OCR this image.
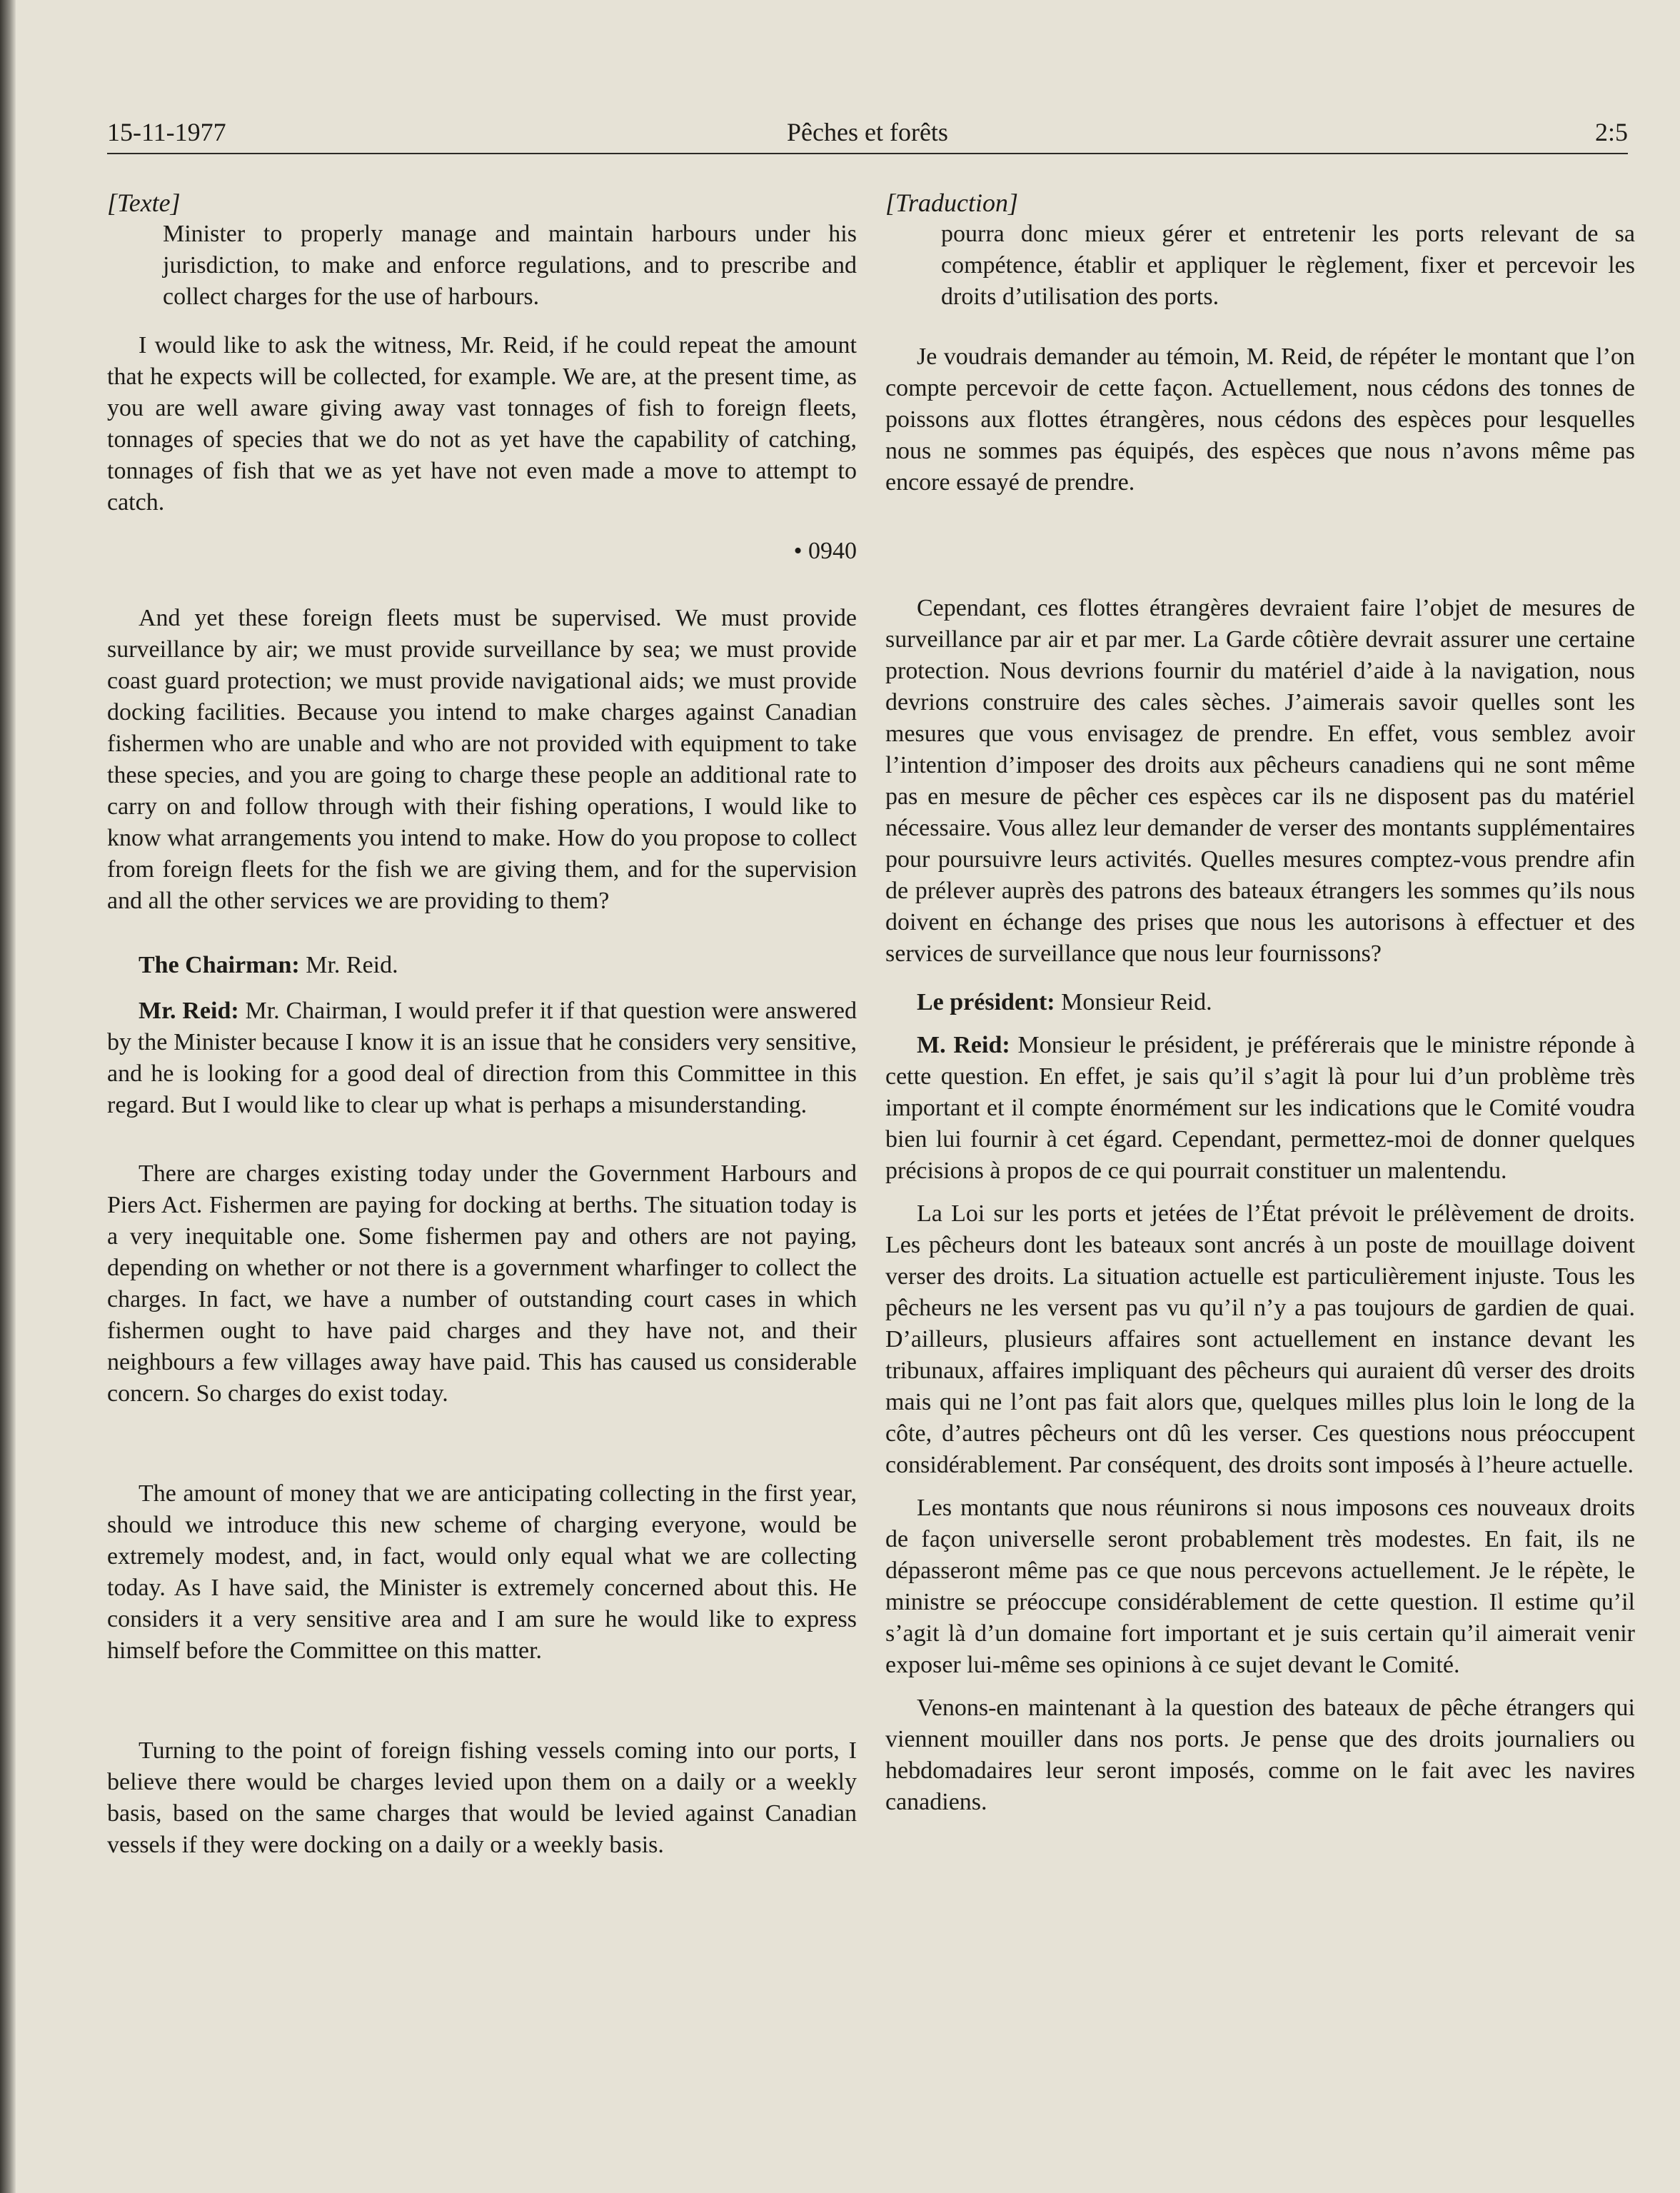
15-11-1977	Pêches et forêts	2:5

[Texte]

Minister to properly manage and maintain harbours under his jurisdiction, to make and enforce regulations, and to prescribe and collect charges for the use of harbours.

I would like to ask the witness, Mr. Reid, if he could repeat the amount that he expects will be collected, for example. We are, at the present time, as you are well aware giving away vast tonnages of fish to foreign fleets, tonnages of species that we do not as yet have the capability of catching, tonnages of fish that we as yet have not even made a move to attempt to catch.

• 0940

And yet these foreign fleets must be supervised. We must provide surveillance by air; we must provide surveillance by sea; we must provide coast guard protection; we must provide navigational aids; we must provide docking facilities. Because you intend to make charges against Canadian fishermen who are unable and who are not provided with equipment to take these species, and you are going to charge these people an additional rate to carry on and follow through with their fishing operations, I would like to know what arrangements you intend to make. How do you propose to collect from foreign fleets for the fish we are giving them, and for the supervision and all the other services we are providing to them?

The Chairman: Mr. Reid.

Mr. Reid: Mr. Chairman, I would prefer it if that question were answered by the Minister because I know it is an issue that he considers very sensitive, and he is looking for a good deal of direction from this Committee in this regard. But I would like to clear up what is perhaps a misunderstanding.

There are charges existing today under the Government Harbours and Piers Act. Fishermen are paying for docking at berths. The situation today is a very inequitable one. Some fishermen pay and others are not paying, depending on whether or not there is a government wharfinger to collect the charges. In fact, we have a number of outstanding court cases in which fishermen ought to have paid charges and they have not, and their neighbours a few villages away have paid. This has caused us considerable concern. So charges do exist today.

The amount of money that we are anticipating collecting in the first year, should we introduce this new scheme of charging everyone, would be extremely modest, and, in fact, would only equal what we are collecting today. As I have said, the Minister is extremely concerned about this. He considers it a very sensitive area and I am sure he would like to express himself before the Committee on this matter.

Turning to the point of foreign fishing vessels coming into our ports, I believe there would be charges levied upon them on a daily or a weekly basis, based on the same charges that would be levied against Canadian vessels if they were docking on a daily or a weekly basis.

[Traduction]

pourra donc mieux gérer et entretenir les ports relevant de sa compétence, établir et appliquer le règlement, fixer et percevoir les droits d’utilisation des ports.

Je voudrais demander au témoin, M. Reid, de répéter le montant que l’on compte percevoir de cette façon. Actuellement, nous cédons des tonnes de poissons aux flottes étrangères, nous cédons des espèces pour lesquelles nous ne sommes pas équipés, des espèces que nous n’avons même pas encore essayé de prendre.

Cependant, ces flottes étrangères devraient faire l’objet de mesures de surveillance par air et par mer. La Garde côtière devrait assurer une certaine protection. Nous devrions fournir du matériel d’aide à la navigation, nous devrions construire des cales sèches. J’aimerais savoir quelles sont les mesures que vous envisagez de prendre. En effet, vous semblez avoir l’intention d’imposer des droits aux pêcheurs canadiens qui ne sont même pas en mesure de pêcher ces espèces car ils ne disposent pas du matériel nécessaire. Vous allez leur demander de verser des montants supplémentaires pour poursuivre leurs activités. Quelles mesures comptez-vous prendre afin de prélever auprès des patrons des bateaux étrangers les sommes qu’ils nous doivent en échange des prises que nous les autorisons à effectuer et des services de surveillance que nous leur fournissons?

Le président: Monsieur Reid.

M. Reid: Monsieur le président, je préférerais que le ministre réponde à cette question. En effet, je sais qu’il s’agit là pour lui d’un problème très important et il compte énormément sur les indications que le Comité voudra bien lui fournir à cet égard. Cependant, permettez-moi de donner quelques précisions à propos de ce qui pourrait constituer un malentendu.

La Loi sur les ports et jetées de l’État prévoit le prélèvement de droits. Les pêcheurs dont les bateaux sont ancrés à un poste de mouillage doivent verser des droits. La situation actuelle est particulièrement injuste. Tous les pêcheurs ne les versent pas vu qu’il n’y a pas toujours de gardien de quai. D’ailleurs, plusieurs affaires sont actuellement en instance devant les tribunaux, affaires impliquant des pêcheurs qui auraient dû verser des droits mais qui ne l’ont pas fait alors que, quelques milles plus loin le long de la côte, d’autres pêcheurs ont dû les verser. Ces questions nous préoccupent considérablement. Par conséquent, des droits sont imposés à l’heure actuelle.

Les montants que nous réunirons si nous imposons ces nouveaux droits de façon universelle seront probablement très modestes. En fait, ils ne dépasseront même pas ce que nous percevons actuellement. Je le répète, le ministre se préoccupe considérablement de cette question. Il estime qu’il s’agit là d’un domaine fort important et je suis certain qu’il aimerait venir exposer lui-même ses opinions à ce sujet devant le Comité.

Venons-en maintenant à la question des bateaux de pêche étrangers qui viennent mouiller dans nos ports. Je pense que des droits journaliers ou hebdomadaires leur seront imposés, comme on le fait avec les navires canadiens.
